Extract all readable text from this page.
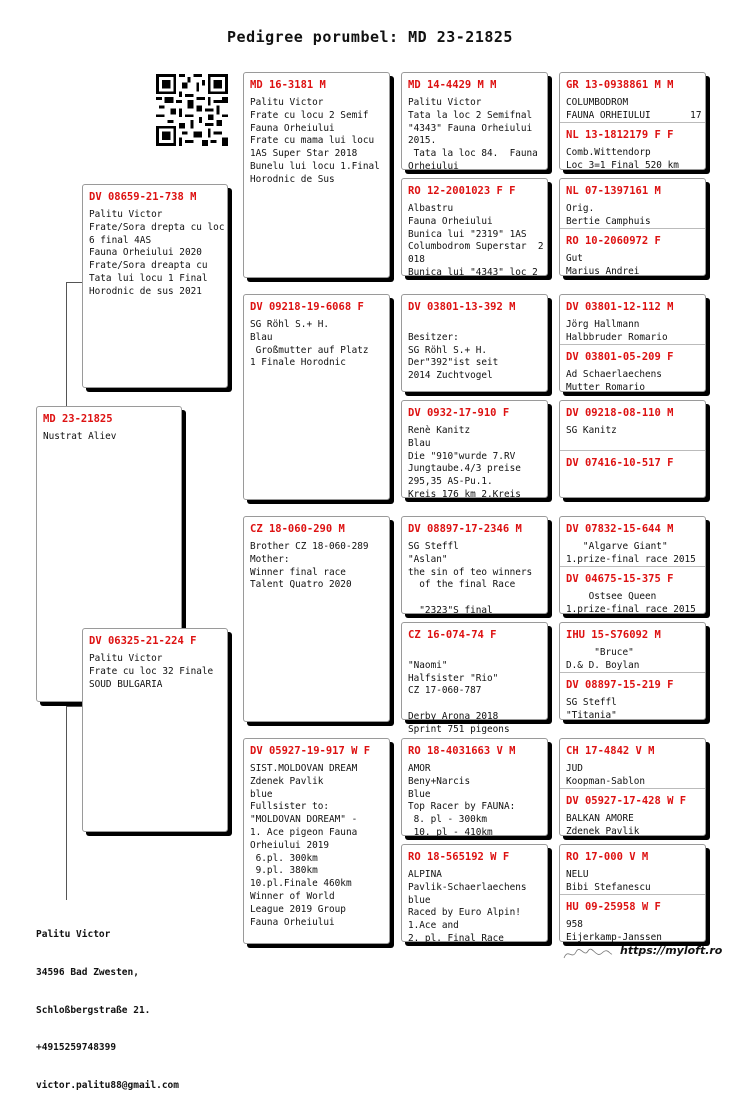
Pedigree porumbel: MD 23-21825
MD 23-21825
Nustrat Aliev
DV 08659-21-738 M
Palitu Victor
Frate/Sora drepta cu loc
6 final 4AS
Fauna Orheiului 2020
Frate/Sora dreapta cu
Tata lui locu 1 Final
Horodnic de sus 2021
DV 06325-21-224 F
Palitu Victor
Frate cu loc 32 Finale
SOUD BULGARIA
MD 16-3181 M
Palitu Victor
Frate cu locu 2 Semif
Fauna Orheiului
Frate cu mama lui locu
1AS Super Star 2018
Bunelu lui locu 1.Final
Horodnic de Sus
DV 09218-19-6068 F
SG Röhl S.+ H.
Blau
Großmutter auf Platz
1 Finale Horodnic
CZ 18-060-290 M
Brother CZ 18-060-289
Mother:
Winner final race
Talent Quatro 2020
DV 05927-19-917 W F
SIST.MOLDOVAN DREAM
Zdenek Pavlik
blue
Fullsister to:
"MOLDOVAN DOREAM" -
1. Ace pigeon Fauna
Orheiului 2019
6.pl. 300km
9.pl. 380km
10.pl.Finale 460km
Winner of World
League 2019 Group
Fauna Orheiului
MD 14-4429 M M
Palitu Victor
Tata la loc 2 Semifnal
"4343" Fauna Orheiului
2015.
Tata la loc 84.  Fauna
Orheiului
RO 12-2001023 F F
Albastru
Fauna Orheiului
Bunica lui "2319" 1AS
Columbodrom Superstar  2
018
Bunica lui "4343" loc 2
DV 03801-13-392 M
Besitzer:
SG Röhl S.+ H.
Der"392"ist seit
2014 Zuchtvogel
DV 0932-17-910 F
Renè Kanitz
Blau
Die "910"wurde 7.RV
Jungtaube.4/3 preise
295,35 AS-Pu.1.
Kreis 176 km 2.Kreis
DV 08897-17-2346 M
SG Steffl
"Aslan"
the sin of teo winners
of the final Race
"2323"S final
CZ 16-074-74 F
"Naomi"
Halfsister "Rio"
CZ 17-060-787
Derby Arona 2018
Sprint 751 pigeons
RO 18-4031663 V M
AMOR
Beny+Narcis
Blue
Top Racer by FAUNA:
8. pl - 300km
10. pl - 410km
RO 18-565192 W F
ALPINA
Pavlik-Schaerlaechens
blue
Raced by Euro Alpin!
1.Ace and
2. pl. Final Race
GR 13-0938861 M M
COLUMBODROM
FAUNA ORHEIULUI       17
NL 13-1812179 F F
Comb.Wittendorp
Loc 3=1 Final 520 km
NL 07-1397161 M
Orig.
Bertie Camphuis
RO 10-2060972 F
Gut
Marius Andrei
DV 03801-12-112 M
Jörg Hallmann
Halbbruder Romario
DV 03801-05-209 F
Ad Schaerlaechens
Mutter Romario
DV 09218-08-110 M
SG Kanitz
DV 07416-10-517 F
DV 07832-15-644 M
"Algarve Giant"
1.prize-final race 2015
DV 04675-15-375 F
Ostsee Queen
1.prize-final race 2015
IHU 15-S76092 M
"Bruce"
D.& D. Boylan
DV 08897-15-219 F
SG Steffl
"Titania"
CH 17-4842 V M
JUD
Koopman-Sablon
DV 05927-17-428 W F
BALKAN AMORE
Zdenek Pavlik
RO 17-000 V M
NELU
Bibi Stefanescu
HU 09-25958 W F
958
Eijerkamp-Janssen

Palitu Victor

34596 Bad Zwesten,

Schloßbergstraße 21.

+4915259748399

victor.palitu88@gmail.com

https://myloft.ro
